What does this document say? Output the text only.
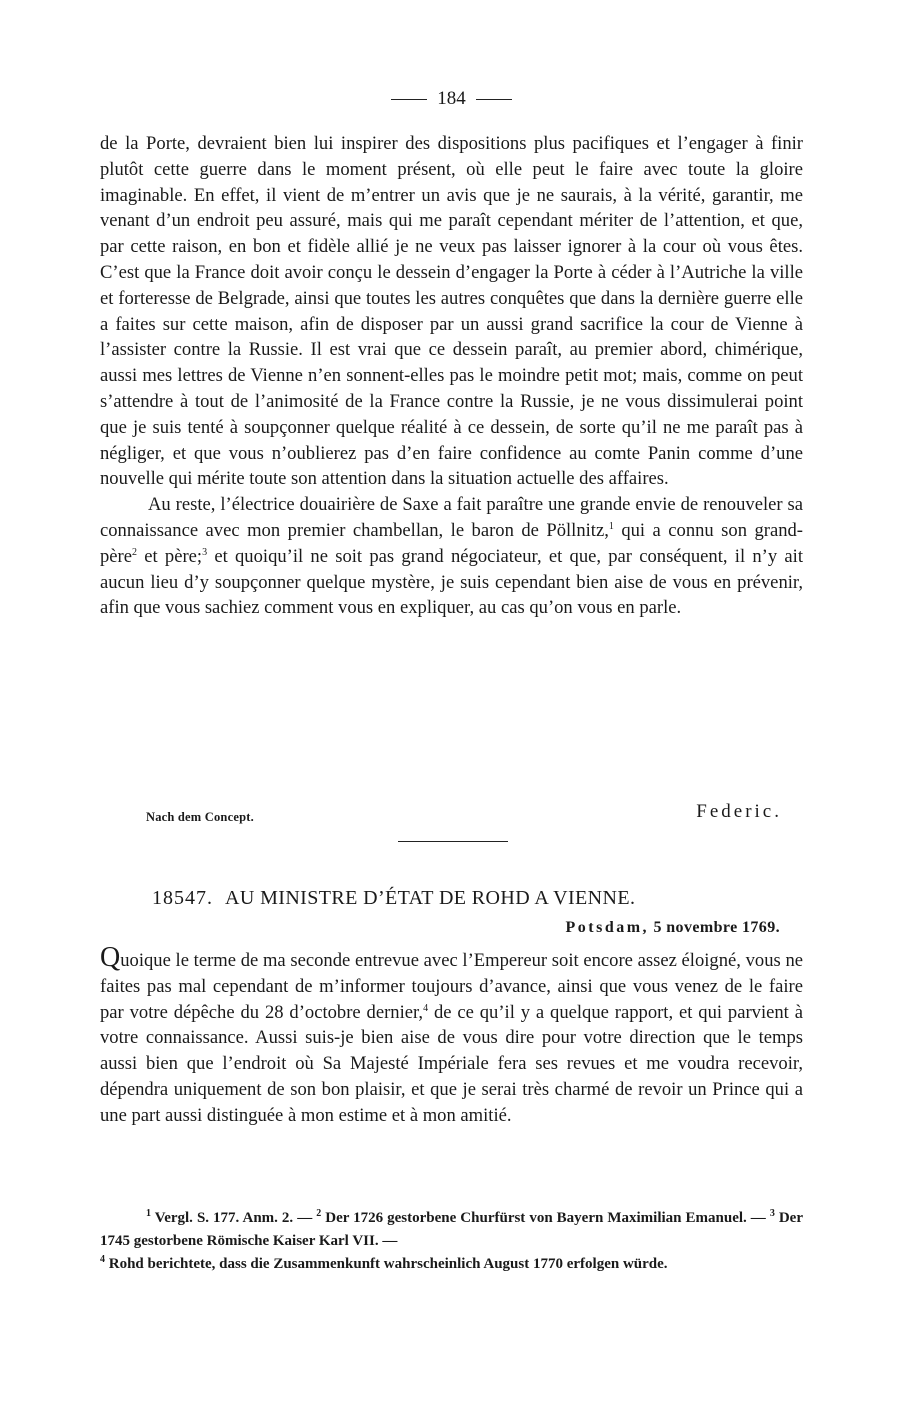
184

de la Porte, devraient bien lui inspirer des dispositions plus pacifiques et l’engager à finir plutôt cette guerre dans le moment présent, où elle peut le faire avec toute la gloire imaginable. En effet, il vient de m’entrer un avis que je ne saurais, à la vérité, garantir, me venant d’un endroit peu assuré, mais qui me paraît cependant mériter de l’attention, et que, par cette raison, en bon et fidèle allié je ne veux pas laisser ignorer à la cour où vous êtes. C’est que la France doit avoir conçu le dessein d’engager la Porte à céder à l’Autriche la ville et forteresse de Belgrade, ainsi que toutes les autres conquêtes que dans la dernière guerre elle a faites sur cette maison, afin de disposer par un aussi grand sacrifice la cour de Vienne à l’assister contre la Russie. Il est vrai que ce dessein paraît, au premier abord, chimérique, aussi mes lettres de Vienne n’en sonnent-elles pas le moindre petit mot; mais, comme on peut s’attendre à tout de l’animosité de la France contre la Russie, je ne vous dissimulerai point que je suis tenté à soupçonner quelque réalité à ce dessein, de sorte qu’il ne me paraît pas à négliger, et que vous n’oublierez pas d’en faire confidence au comte Panin comme d’une nouvelle qui mérite toute son attention dans la situation actuelle des affaires.

Au reste, l’électrice douairière de Saxe a fait paraître une grande envie de renouveler sa connaissance avec mon premier chambellan, le baron de Pöllnitz,$^1$ qui a connu son grand-père$^2$ et père;$^3$ et quoiqu’il ne soit pas grand négociateur, et que, par conséquent, il n’y ait aucun lieu d’y soupçonner quelque mystère, je suis cependant bien aise de vous en prévenir, afin que vous sachiez comment vous en expliquer, au cas qu’on vous en parle.

Nach dem Concept.	Federic.
18547. AU MINISTRE D’ÉTAT DE ROHD A VIENNE.
Potsdam, 5 novembre 1769.
Quoique le terme de ma seconde entrevue avec l’Empereur soit encore assez éloigné, vous ne faites pas mal cependant de m’informer toujours d’avance, ainsi que vous venez de le faire par votre dépêche du 28 d’octobre dernier,$^4$ de ce qu’il y a quelque rapport, et qui parvient à votre connaissance. Aussi suis-je bien aise de vous dire pour votre direction que le temps aussi bien que l’endroit où Sa Majesté Impériale fera ses revues et me voudra recevoir, dépendra uniquement de son bon plaisir, et que je serai très charmé de revoir un Prince qui a une part aussi distinguée à mon estime et à mon amitié.

$^1$ Vergl. S. 177. Anm. 2. — $^2$ Der 1726 gestorbene Churfürst von Bayern Maximilian Emanuel. — $^3$ Der 1745 gestorbene Römische Kaiser Karl VII. —
$^4$ Rohd berichtete, dass die Zusammenkunft wahrscheinlich August 1770 erfolgen würde.
